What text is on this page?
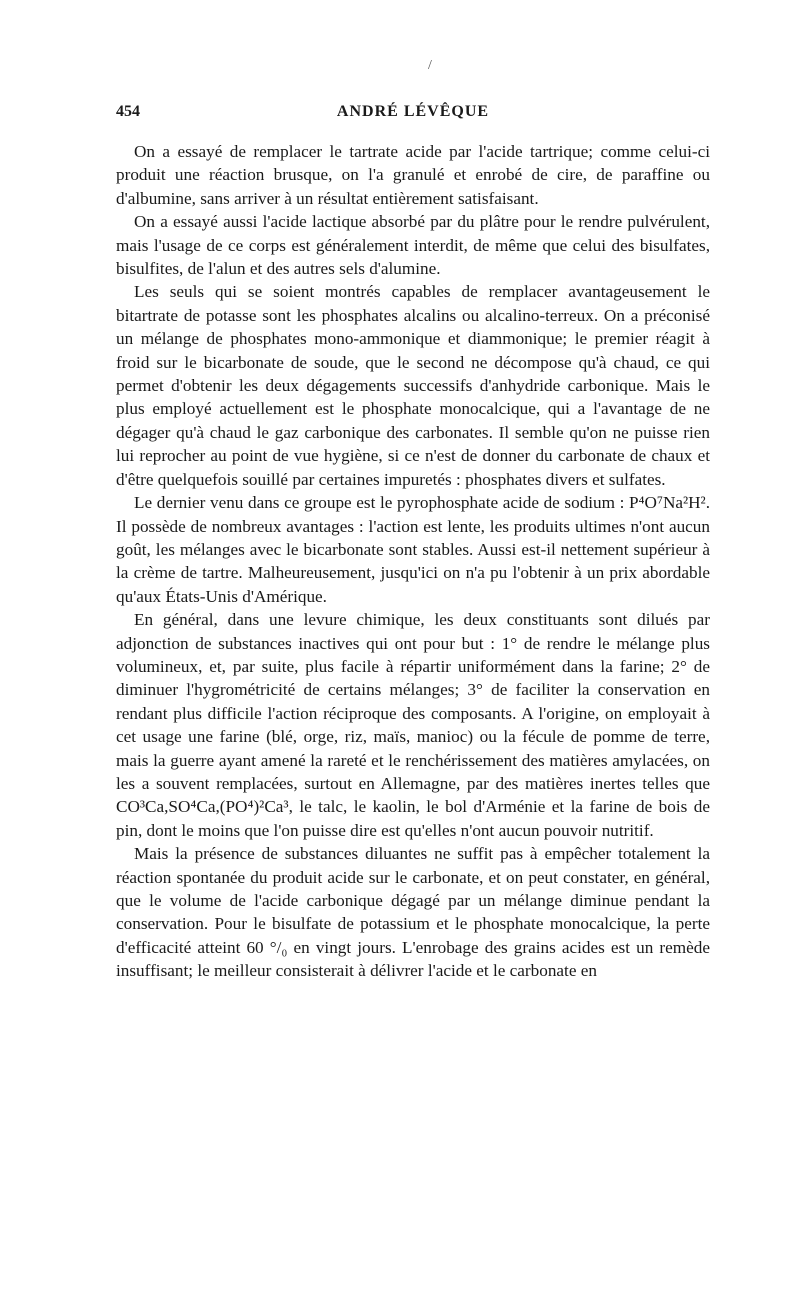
/
ANDRÉ LÉVÊQUE
454

On a essayé de remplacer le tartrate acide par l'acide tartrique; comme celui-ci produit une réaction brusque, on l'a granulé et enrobé de cire, de paraffine ou d'albumine, sans arriver à un résultat entièrement satisfaisant.

On a essayé aussi l'acide lactique absorbé par du plâtre pour le rendre pulvérulent, mais l'usage de ce corps est généralement interdit, de même que celui des bisulfates, bisulfites, de l'alun et des autres sels d'alumine.

Les seuls qui se soient montrés capables de remplacer avantageusement le bitartrate de potasse sont les phosphates alcalins ou alcalino-terreux. On a préconisé un mélange de phosphates mono-ammonique et diammonique; le premier réagit à froid sur le bicarbonate de soude, que le second ne décompose qu'à chaud, ce qui permet d'obtenir les deux dégagements successifs d'anhydride carbonique. Mais le plus employé actuellement est le phosphate monocalcique, qui a l'avantage de ne dégager qu'à chaud le gaz carbonique des carbonates. Il semble qu'on ne puisse rien lui reprocher au point de vue hygiène, si ce n'est de donner du carbonate de chaux et d'être quelquefois souillé par certaines impuretés : phosphates divers et sulfates.

Le dernier venu dans ce groupe est le pyrophosphate acide de sodium : P⁴O⁷Na²H². Il possède de nombreux avantages : l'action est lente, les produits ultimes n'ont aucun goût, les mélanges avec le bicarbonate sont stables. Aussi est-il nettement supérieur à la crème de tartre. Malheureusement, jusqu'ici on n'a pu l'obtenir à un prix abordable qu'aux États-Unis d'Amérique.

En général, dans une levure chimique, les deux constituants sont dilués par adjonction de substances inactives qui ont pour but : 1° de rendre le mélange plus volumineux, et, par suite, plus facile à répartir uniformément dans la farine; 2° de diminuer l'hygrométricité de certains mélanges; 3° de faciliter la conservation en rendant plus difficile l'action réciproque des composants. A l'origine, on employait à cet usage une farine (blé, orge, riz, maïs, manioc) ou la fécule de pomme de terre, mais la guerre ayant amené la rareté et le renchérissement des matières amylacées, on les a souvent remplacées, surtout en Allemagne, par des matières inertes telles que CO³Ca,SO⁴Ca,(PO⁴)²Ca³, le talc, le kaolin, le bol d'Arménie et la farine de bois de pin, dont le moins que l'on puisse dire est qu'elles n'ont aucun pouvoir nutritif.

Mais la présence de substances diluantes ne suffit pas à empêcher totalement la réaction spontanée du produit acide sur le carbonate, et on peut constater, en général, que le volume de l'acide carbonique dégagé par un mélange diminue pendant la conservation. Pour le bisulfate de potassium et le phosphate monocalcique, la perte d'efficacité atteint 60 °/₀ en vingt jours. L'enrobage des grains acides est un remède insuffisant; le meilleur consisterait à délivrer l'acide et le carbonate en
